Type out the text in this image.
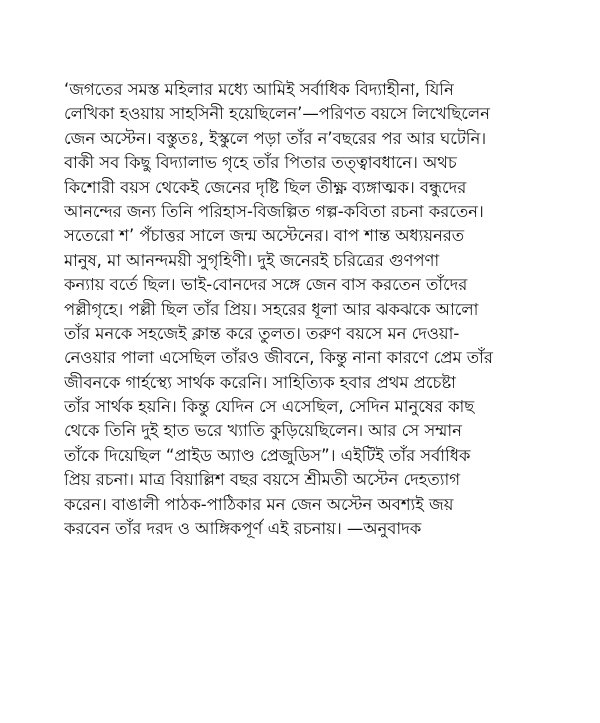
‘জগতের সমস্ত মহিলার মধ্যে আমিই সর্বাধিক বিদ্যাহীনা, যিনি
লেখিকা হওয়ায় সাহসিনী হয়েছিলেন’—পরিণত বয়সে লিখেছিলেন
জেন অস্টেন। বস্তুতঃ, ইস্কুলে পড়া তাঁর ন’বছরের পর আর ঘটেনি।
বাকী সব কিছু বিদ্যালাভ গৃহে তাঁর পিতার তত্ত্বাবধানে। অথচ
কিশোরী বয়স থেকেই জেনের দৃষ্টি ছিল তীক্ষ্ণ ব্যঙ্গাত্মক। বন্ধুদের
আনন্দের জন্য তিনি পরিহাস-বিজল্পিত গল্প-কবিতা রচনা করতেন।
সতেরো শ’ পঁচাত্তর সালে জন্ম অস্টেনের। বাপ শান্ত অধ্যয়নরত
মানুষ, মা আনন্দময়ী সুগৃহিণী। দুই জনেরই চরিত্রের গুণপণা
কন্যায় বর্তে ছিল। ভাই-বোনদের সঙ্গে জেন বাস করতেন তাঁদের
পল্লীগৃহে। পল্লী ছিল তাঁর প্রিয়। সহরের ধূলা আর ঝকঝকে আলো
তাঁর মনকে সহজেই ক্লান্ত করে তুলত। তরুণ বয়সে মন দেওয়া-
নেওয়ার পালা এসেছিল তাঁরও জীবনে, কিন্তু নানা কারণে প্রেম তাঁর
জীবনকে গার্হস্থ্যে সার্থক করেনি। সাহিত্যিক হবার প্রথম প্রচেষ্টা
তাঁর সার্থক হয়নি। কিন্তু যেদিন সে এসেছিল, সেদিন মানুষের কাছ
থেকে তিনি দুই হাত ভরে খ্যাতি কুড়িয়েছিলেন। আর সে সম্মান
তাঁকে দিয়েছিল “প্রাইড অ্যাণ্ড প্রেজুডিস”। এইটিই তাঁর সর্বাধিক
প্রিয় রচনা। মাত্র বিয়াল্লিশ বছর বয়সে শ্রীমতী অস্টেন দেহত্যাগ
করেন। বাঙালী পাঠক-পাঠিকার মন জেন অস্টেন অবশ্যই জয়
করবেন তাঁর দরদ ও আঙ্গিকপূর্ণ এই রচনায়। —অনুবাদক
